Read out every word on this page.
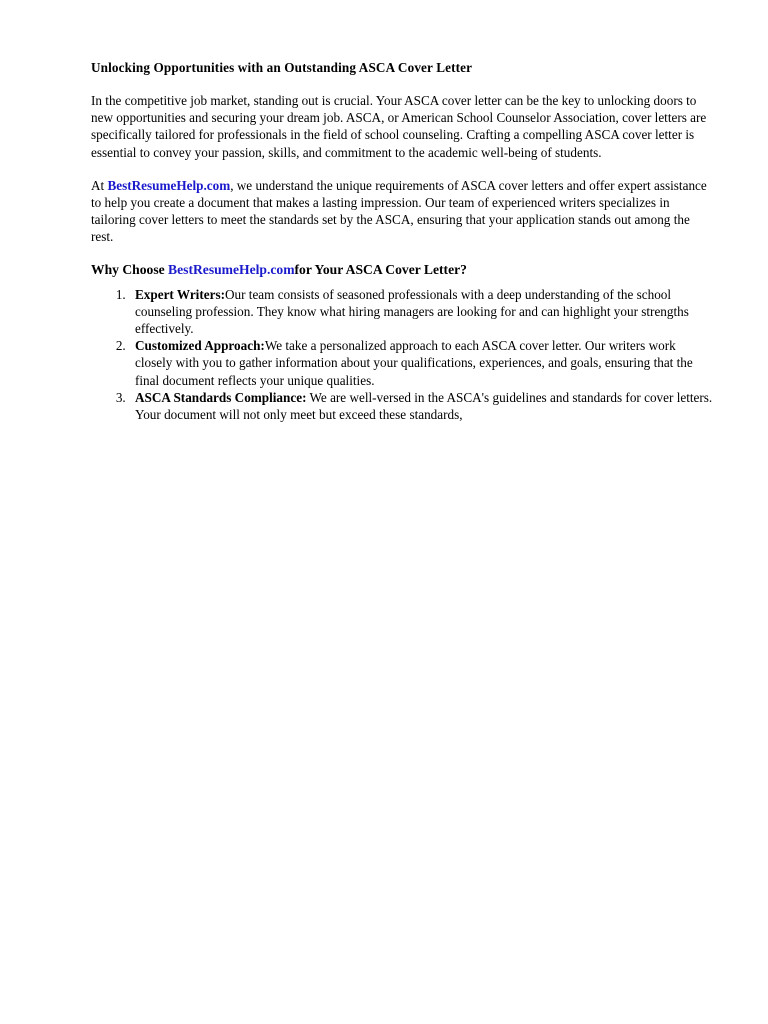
Unlocking Opportunities with an Outstanding ASCA Cover Letter

In the competitive job market, standing out is crucial. Your ASCA cover letter can be the key to unlocking doors to new opportunities and securing your dream job. ASCA, or American School Counselor Association, cover letters are specifically tailored for professionals in the field of school counseling. Crafting a compelling ASCA cover letter is essential to convey your passion, skills, and commitment to the academic well-being of students.

At BestResumeHelp.com, we understand the unique requirements of ASCA cover letters and offer expert assistance to help you create a document that makes a lasting impression. Our team of experienced writers specializes in tailoring cover letters to meet the standards set by the ASCA, ensuring that your application stands out among the rest.

Why Choose BestResumeHelp.comfor Your ASCA Cover Letter?
1. Expert Writers:Our team consists of seasoned professionals with a deep understanding of the school counseling profession. They know what hiring managers are looking for and can highlight your strengths effectively.
2. Customized Approach:We take a personalized approach to each ASCA cover letter. Our writers work closely with you to gather information about your qualifications, experiences, and goals, ensuring that the final document reflects your unique qualities.
3. ASCA Standards Compliance: We are well-versed in the ASCA's guidelines and standards for cover letters. Your document will not only meet but exceed these standards,
